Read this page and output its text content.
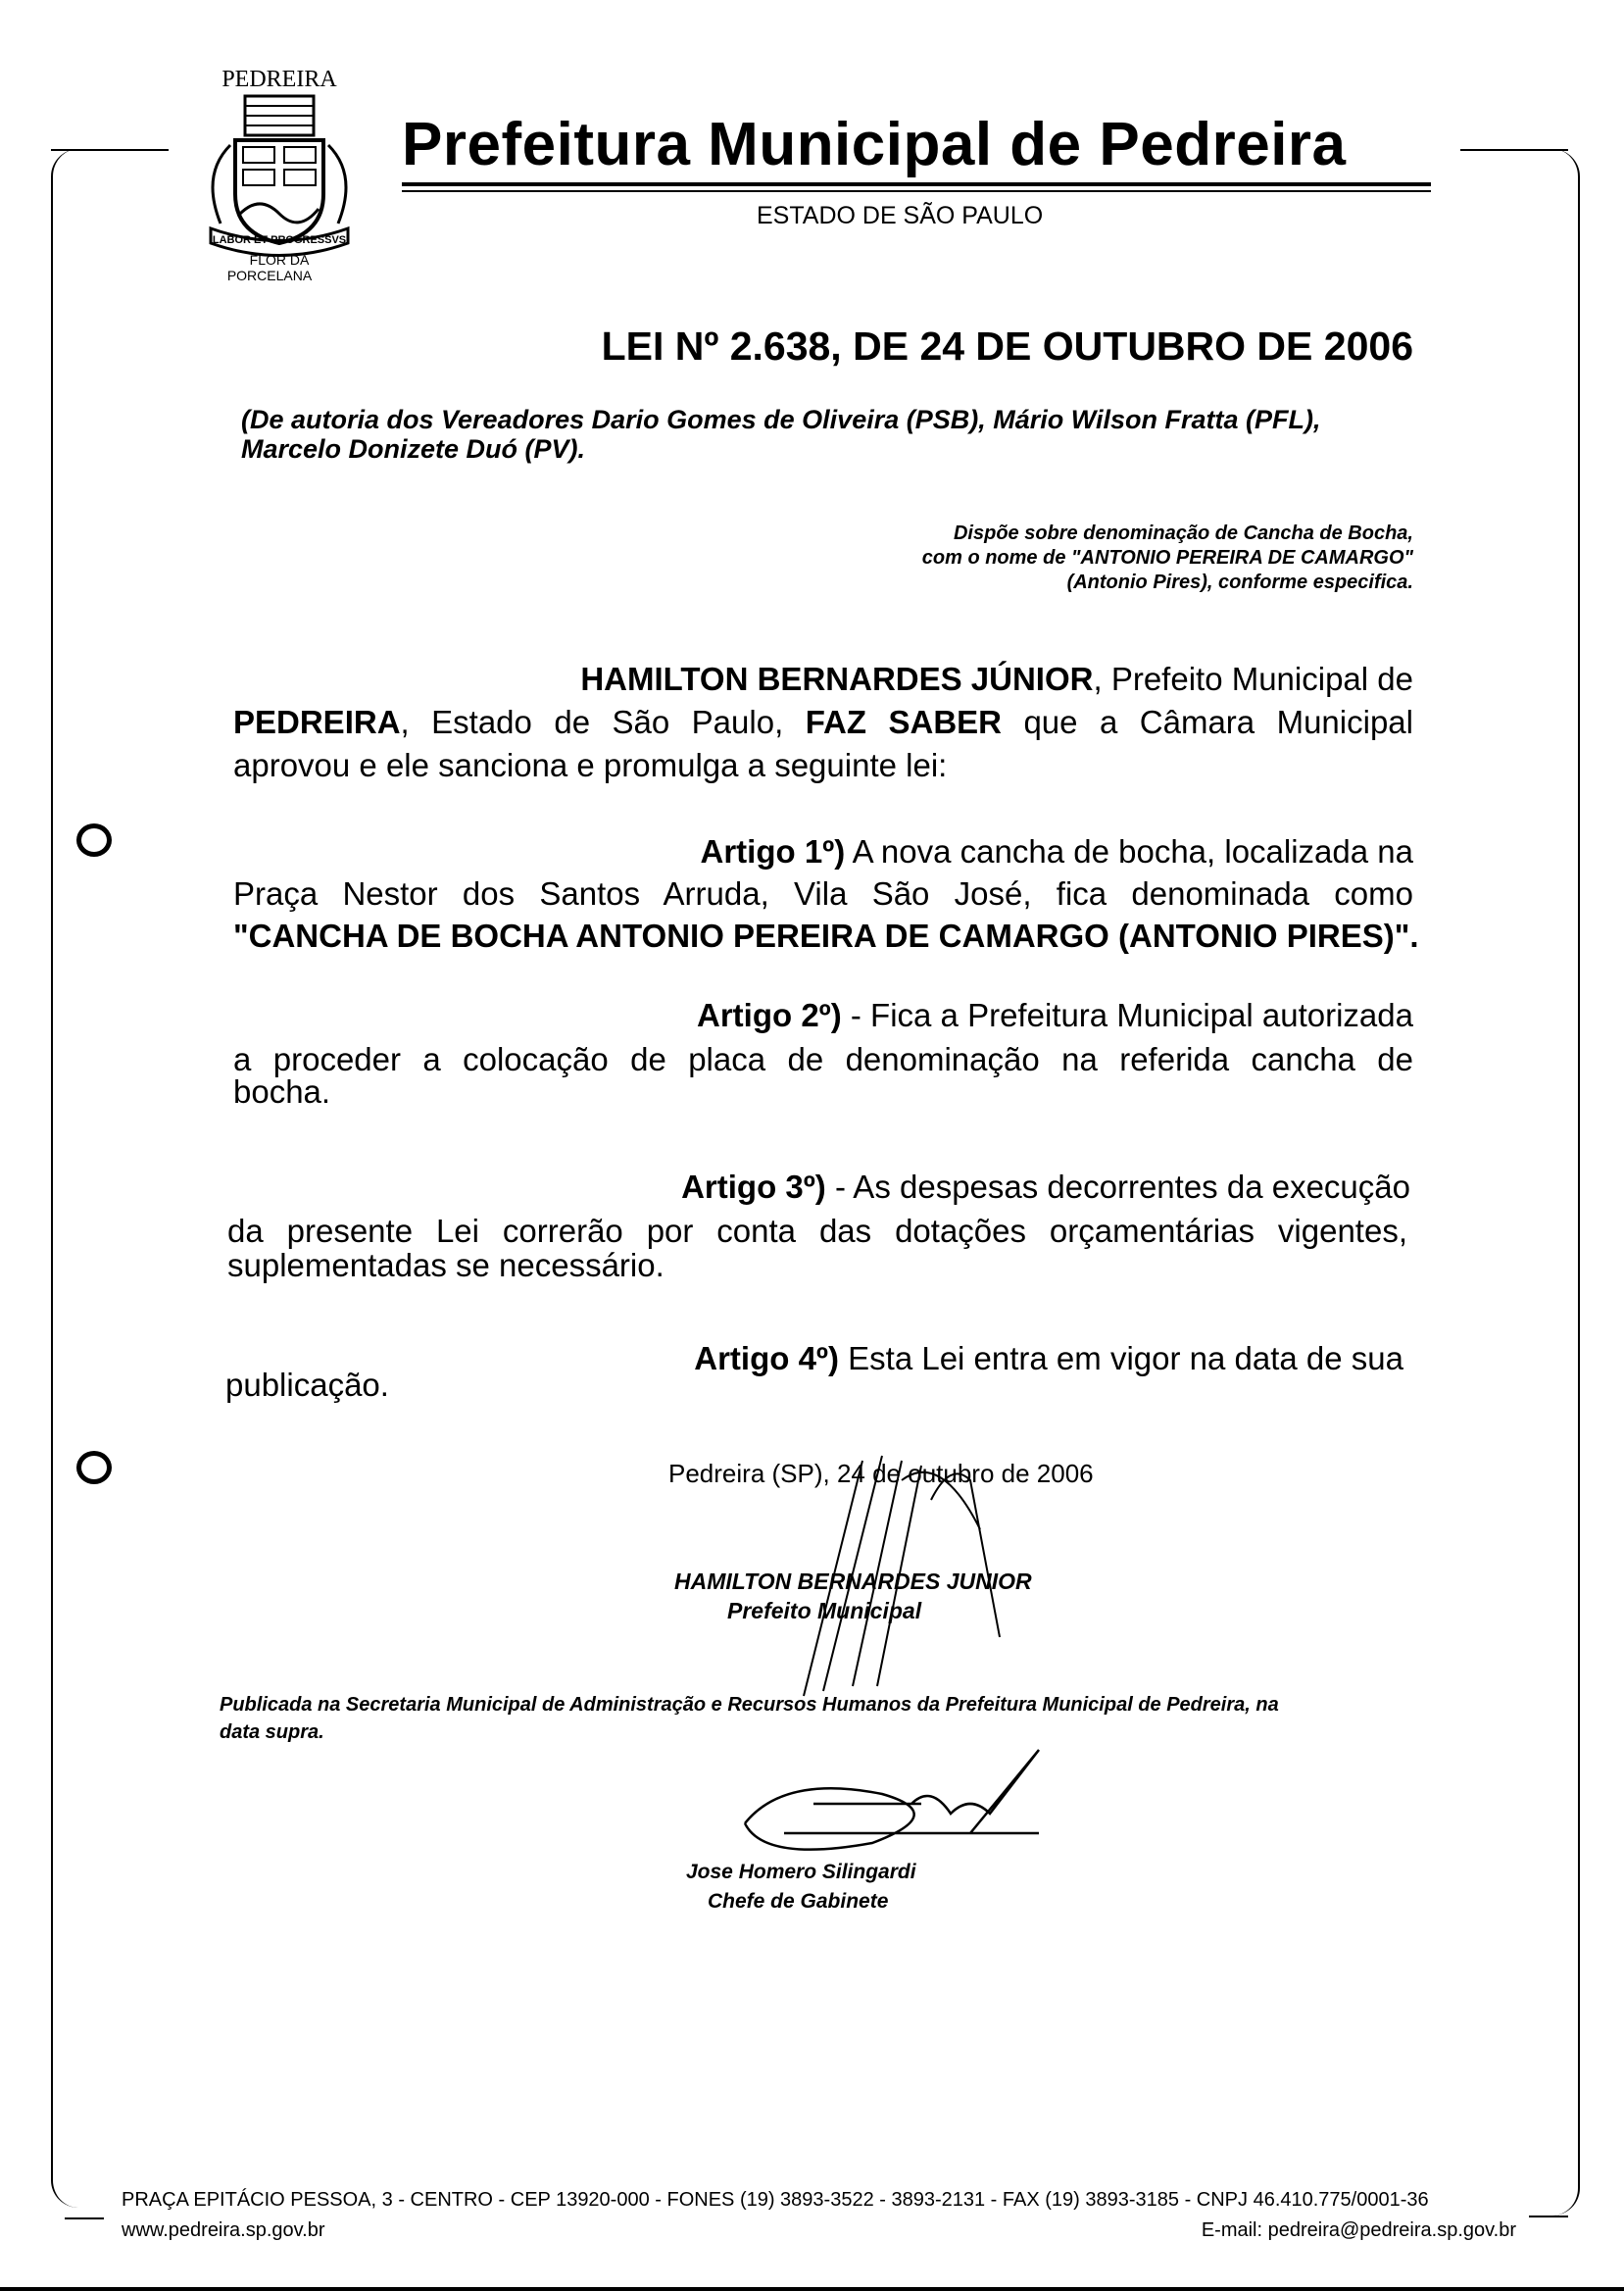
PEDREIRA
LABOR ET PROGRESSVS
FLOR DA
PORCELANA
Prefeitura Municipal de Pedreira
ESTADO DE SÃO PAULO
LEI Nº 2.638, DE 24 DE OUTUBRO DE 2006
(De autoria dos Vereadores Dario Gomes de Oliveira (PSB), Mário Wilson Fratta (PFL),
Marcelo Donizete Duó (PV).
Dispõe sobre denominação de Cancha de Bocha,
com o nome de "ANTONIO PEREIRA DE CAMARGO"
(Antonio Pires), conforme especifica.
HAMILTON BERNARDES JÚNIOR, Prefeito Municipal de
PEDREIRA, Estado de São Paulo, FAZ SABER que a Câmara Municipal
aprovou e ele sanciona e promulga a seguinte lei:
Artigo 1º) A nova cancha de bocha, localizada na
Praça Nestor dos Santos Arruda, Vila São José, fica denominada como
"CANCHA DE BOCHA ANTONIO PEREIRA DE CAMARGO (ANTONIO PIRES)".
Artigo 2º) - Fica a Prefeitura Municipal autorizada
a proceder a colocação de placa de denominação na referida cancha de
bocha.
Artigo 3º) - As despesas decorrentes da execução
da presente Lei correrão por conta das dotações orçamentárias vigentes,
suplementadas se necessário.
Artigo 4º) Esta Lei entra em vigor na data de sua
publicação.
Pedreira (SP), 24 de outubro de 2006
HAMILTON BERNARDES JUNIOR
Prefeito Municipal
Publicada na Secretaria Municipal de Administração e Recursos Humanos da Prefeitura Municipal de Pedreira, na
data supra.
Jose Homero Silingardi
Chefe de Gabinete
PRAÇA EPITÁCIO PESSOA, 3 - CENTRO - CEP 13920-000 - FONES (19) 3893-3522 - 3893-2131 - FAX (19) 3893-3185 - CNPJ 46.410.775/0001-36
www.pedreira.sp.gov.br	E-mail: pedreira@pedreira.sp.gov.br
